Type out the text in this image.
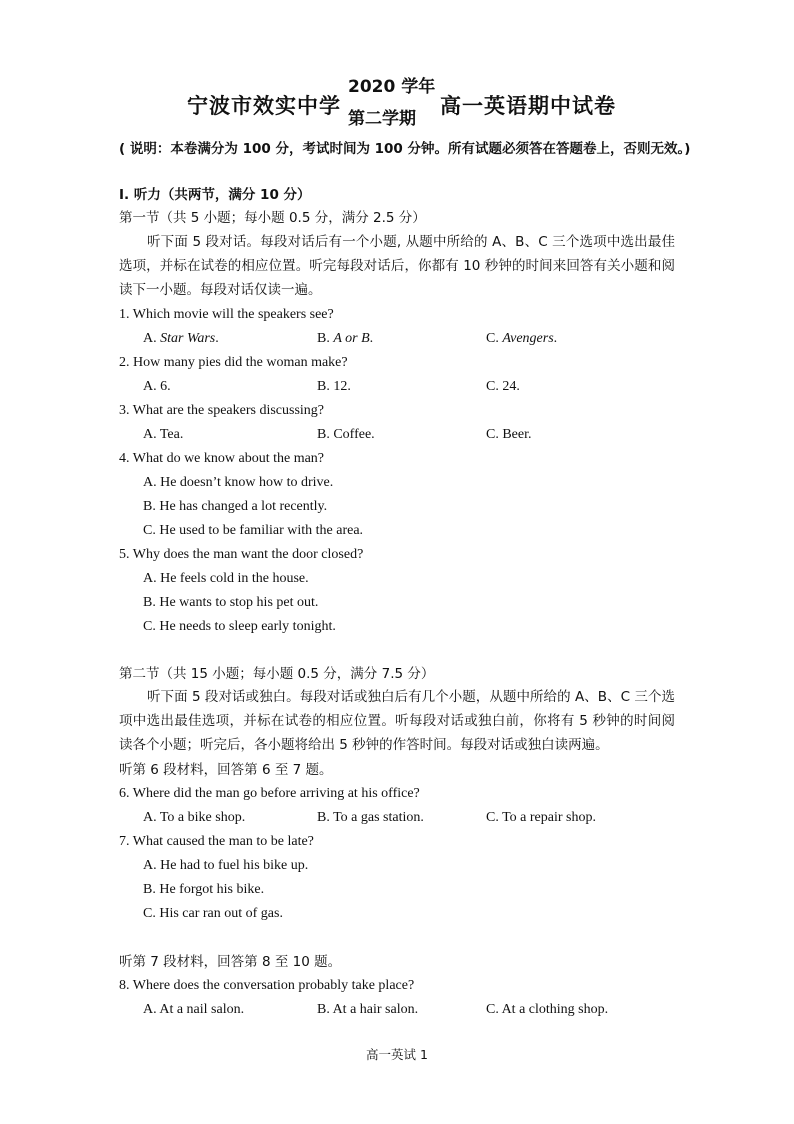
宁波市效实中学
2020 学年
第二学期
高一英语期中试卷
( 说明：本卷满分为 100 分，考试时间为 100 分钟。所有试题必须答在答题卷上，否则无效。)
I. 听力（共两节，满分 10 分）
第一节（共 5 小题；每小题 0.5 分，满分 2.5 分）
听下面 5 段对话。每段对话后有一个小题, 从题中所给的 A、B、C 三个选项中选出最佳选项，并标在试卷的相应位置。听完每段对话后，你都有 10 秒钟的时间来回答有关小题和阅读下一小题。每段对话仅读一遍。
1. Which movie will the speakers see?
A. Star Wars.	B. A or B.	C. Avengers.
2. How many pies did the woman make?
A. 6.	B. 12.	C. 24.
3. What are the speakers discussing?
A. Tea.	B. Coffee.	C. Beer.
4. What do we know about the man?
A. He doesn’t know how to drive.
B. He has changed a lot recently.
C. He used to be familiar with the area.
5. Why does the man want the door closed?
A. He feels cold in the house.
B. He wants to stop his pet out.
C. He needs to sleep early tonight.
第二节（共 15 小题；每小题 0.5 分，满分 7.5 分）
听下面 5 段对话或独白。每段对话或独白后有几个小题，从题中所给的 A、B、C 三个选项中选出最佳选项，并标在试卷的相应位置。听每段对话或独白前，你将有 5 秒钟的时间阅读各个小题；听完后，各小题将给出 5 秒钟的作答时间。每段对话或独白读两遍。
听第 6 段材料，回答第 6 至 7 题。
6. Where did the man go before arriving at his office?
A. To a bike shop.	B. To a gas station.	C. To a repair shop.
7. What caused the man to be late?
A. He had to fuel his bike up.
B. He forgot his bike.
C. His car ran out of gas.
听第 7 段材料，回答第 8 至 10 题。
8. Where does the conversation probably take place?
A. At a nail salon.	B. At a hair salon.	C. At a clothing shop.
高一英试 1
